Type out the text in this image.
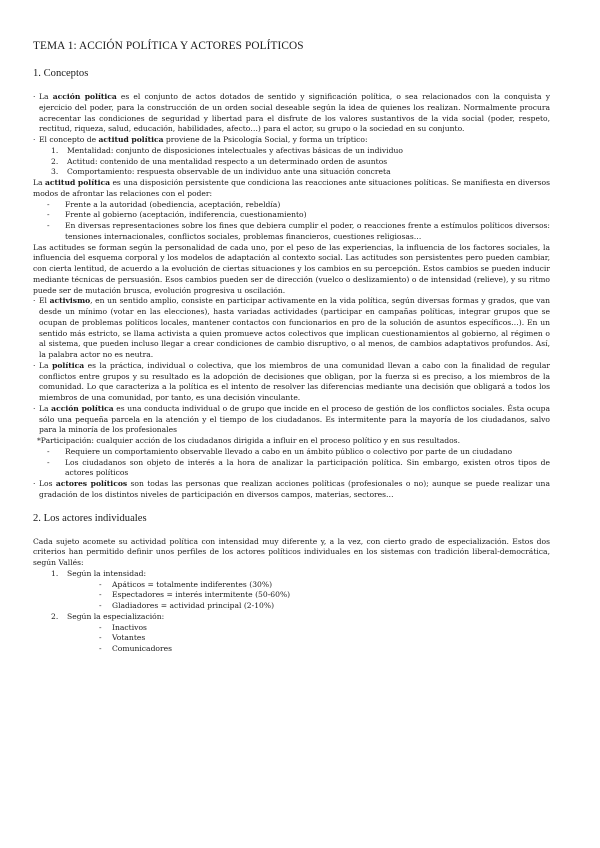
TEMA 1: ACCIÓN POLÍTICA Y ACTORES POLÍTICOS
1. Conceptos

· La acción política es el conjunto de actos dotados de sentido y significación política, o sea relacionados con la conquista y ejercicio del poder, para la construcción de un orden social deseable según la idea de quienes los realizan. Normalmente procura acrecentar las condiciones de seguridad y libertad para el disfrute de los valores sustantivos de la vida social (poder, respeto, rectitud, riqueza, salud, educación, habilidades, afecto…) para el actor, su grupo o la sociedad en su conjunto.

· El concepto de actitud política proviene de la Psicología Social, y forma un tríptico:

1. Mentalidad: conjunto de disposiciones intelectuales y afectivas básicas de un individuo

2. Actitud: contenido de una mentalidad respecto a un determinado orden de asuntos

3. Comportamiento: respuesta observable de un individuo ante una situación concreta

La actitud política es una disposición persistente que condiciona las reacciones ante situaciones políticas. Se manifiesta en diversos modos de afrontar las relaciones con el poder:

- Frente a la autoridad (obediencia, aceptación, rebeldía)

- Frente al gobierno (aceptación, indiferencia, cuestionamiento)

- En diversas representaciones sobre los fines que debiera cumplir el poder, o reacciones frente a estímulos políticos diversos: tensiones internacionales, conflictos sociales, problemas financieros, cuestiones religiosas…

Las actitudes se forman según la personalidad de cada uno, por el peso de las experiencias, la influencia de los factores sociales, la influencia del esquema corporal y los modelos de adaptación al contexto social. Las actitudes son persistentes pero pueden cambiar, con cierta lentitud, de acuerdo a la evolución de ciertas situaciones y los cambios en su percepción. Estos cambios se pueden inducir mediante técnicas de persuasión. Esos cambios pueden ser de dirección (vuelco o deslizamiento) o de intensidad (relieve), y su ritmo puede ser de mutación brusca, evolución progresiva u oscilación.

· El activismo, en un sentido amplio, consiste en participar activamente en la vida política, según diversas formas y grados, que van desde un mínimo (votar en las elecciones), hasta variadas actividades (participar en campañas políticas, integrar grupos que se ocupan de problemas políticos locales, mantener contactos con funcionarios en pro de la solución de asuntos específicos…). En un sentido más estricto, se llama activista a quien promueve actos colectivos que implican cuestionamientos al gobierno, al régimen o al sistema, que pueden incluso llegar a crear condiciones de cambio disruptivo, o al menos, de cambios adaptativos profundos. Así, la palabra actor no es neutra.

· La política es la práctica, individual o colectiva, que los miembros de una comunidad llevan a cabo con la finalidad de regular conflictos entre grupos y su resultado es la adopción de decisiones que obligan, por la fuerza si es preciso, a los miembros de la comunidad. Lo que caracteriza a la política es el intento de resolver las diferencias mediante una decisión que obligará a todos los miembros de una comunidad, por tanto, es una decisión vinculante.

· La acción política es una conducta individual o de grupo que incide en el proceso de gestión de los conflictos sociales. Ésta ocupa sólo una pequeña parcela en la atención y el tiempo de los ciudadanos. Es intermitente para la mayoría de los ciudadanos, salvo para la minoría de los profesionales

*Participación: cualquier acción de los ciudadanos dirigida a influir en el proceso político y en sus resultados.

- Requiere un comportamiento observable llevado a cabo en un ámbito público o colectivo por parte de un ciudadano

- Los ciudadanos son objeto de interés a la hora de analizar la participación política. Sin embargo, existen otros tipos de actores políticos

· Los actores políticos son todas las personas que realizan acciones políticas (profesionales o no); aunque se puede realizar una gradación de los distintos niveles de participación en diversos campos, materias, sectores…

2. Los actores individuales

Cada sujeto acomete su actividad política con intensidad muy diferente y, a la vez, con cierto grado de especialización. Estos dos criterios han permitido definir unos perfiles de los actores políticos individuales en los sistemas con tradición liberal-democrática, según Vallés:

1. Según la intensidad:

- Apáticos = totalmente indiferentes (30%)

- Espectadores = interés intermitente (50-60%)

- Gladiadores = actividad principal (2-10%)

2. Según la especialización:

- Inactivos

- Votantes

- Comunicadores
